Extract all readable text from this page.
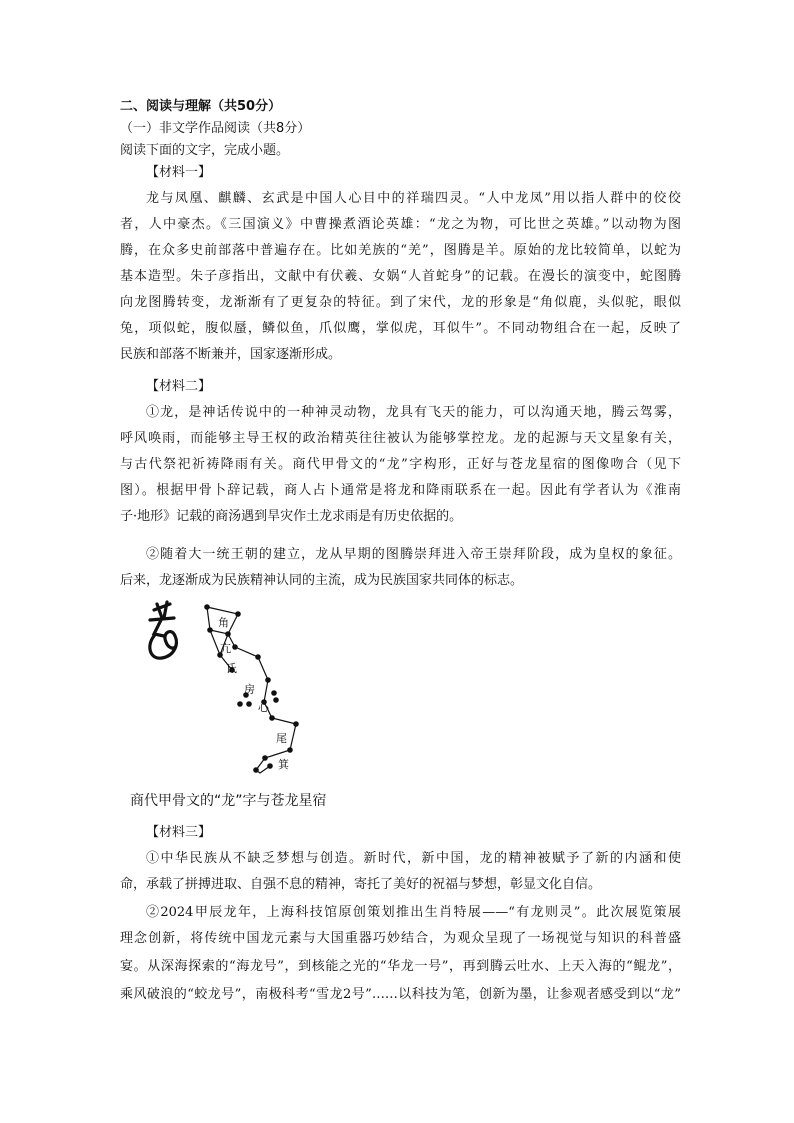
二、阅读与理解（共50分）
（一）非文学作品阅读（共8分）
阅读下面的文字，完成小题。
【材料一】
龙与凤凰、麒麟、玄武是中国人心目中的祥瑞四灵。“人中龙凤”用以指人群中的佼佼
者，人中豪杰。《三国演义》中曹操煮酒论英雄：“龙之为物，可比世之英雄。”以动物为图
腾，在众多史前部落中普遍存在。比如羌族的“羌”，图腾是羊。原始的龙比较简单，以蛇为
基本造型。朱子彦指出，文献中有伏羲、女娲“人首蛇身”的记载。在漫长的演变中，蛇图腾
向龙图腾转变，龙渐渐有了更复杂的特征。到了宋代，龙的形象是“角似鹿，头似驼，眼似
兔，项似蛇，腹似蜃，鳞似鱼，爪似鹰，掌似虎，耳似牛”。不同动物组合在一起，反映了
民族和部落不断兼并，国家逐渐形成。
【材料二】
①龙，是神话传说中的一种神灵动物，龙具有飞天的能力，可以沟通天地，腾云驾雾，
呼风唤雨，而能够主导王权的政治精英往往被认为能够掌控龙。龙的起源与天文星象有关，
与古代祭祀祈祷降雨有关。商代甲骨文的“龙”字构形，正好与苍龙星宿的图像吻合（见下
图）。根据甲骨卜辞记载，商人占卜通常是将龙和降雨联系在一起。因此有学者认为《淮南
子·地形》记载的商汤遇到旱灾作土龙求雨是有历史依据的。
②随着大一统王朝的建立，龙从早期的图腾崇拜进入帝王崇拜阶段，成为皇权的象征。
后来，龙逐渐成为民族精神认同的主流，成为民族国家共同体的标志。
角
亢
氐
房
心
尾
箕
商代甲骨文的“龙”字与苍龙星宿
【材料三】
①中华民族从不缺乏梦想与创造。新时代，新中国，龙的精神被赋予了新的内涵和使
命，承载了拼搏进取、自强不息的精神，寄托了美好的祝福与梦想，彰显文化自信。
②2024甲辰龙年，上海科技馆原创策划推出生肖特展——“有龙则灵”。此次展览策展
理念创新，将传统中国龙元素与大国重器巧妙结合，为观众呈现了一场视觉与知识的科普盛
宴。从深海探索的“海龙号”，到核能之光的“华龙一号”，再到腾云吐水、上天入海的“鲲龙”，
乘风破浪的“蛟龙号”，南极科考“雪龙2号”……以科技为笔，创新为墨，让参观者感受到以“龙”
